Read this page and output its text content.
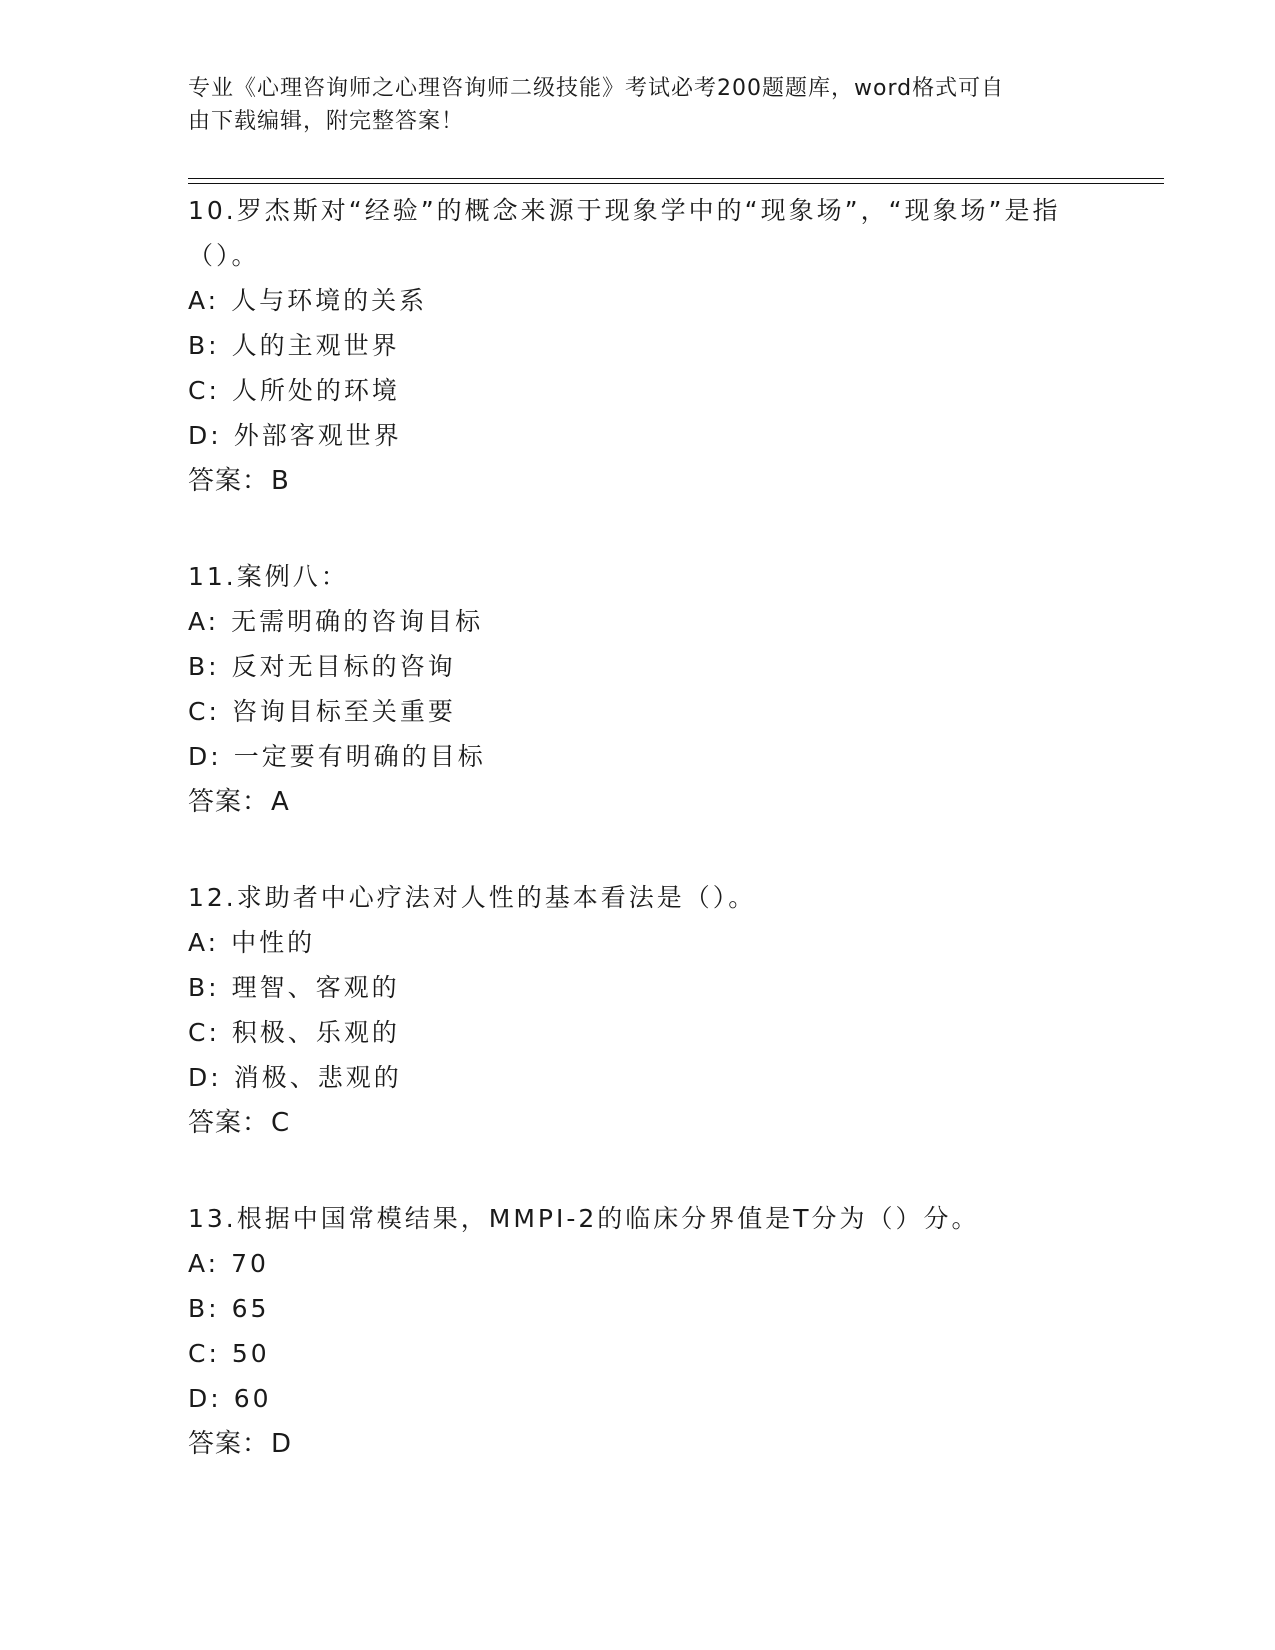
专业《心理咨询师之心理咨询师二级技能》考试必考200题题库，word格式可自
由下载编辑，附完整答案！
10.罗杰斯对“经验”的概念来源于现象学中的“现象场”，“现象场”是指（）。
A: 人与环境的关系
B: 人的主观世界
C: 人所处的环境
D: 外部客观世界
答案：B
11.案例八：
A: 无需明确的咨询目标
B: 反对无目标的咨询
C: 咨询目标至关重要
D: 一定要有明确的目标
答案：A
12.求助者中心疗法对人性的基本看法是（）。
A: 中性的
B: 理智、客观的
C: 积极、乐观的
D: 消极、悲观的
答案：C
13.根据中国常模结果，MMPI-2的临床分界值是T分为（）分。
A: 70
B: 65
C: 50
D: 60
答案：D
